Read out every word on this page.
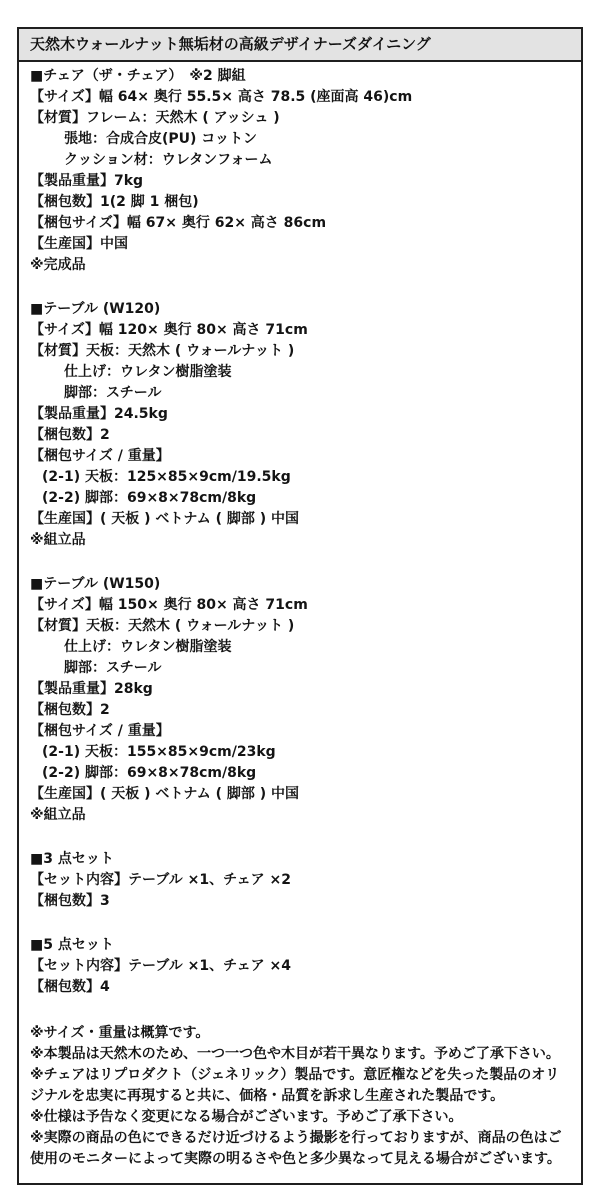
天然木ウォールナット無垢材の高級デザイナーズダイニング
■チェア（ザ・チェア）　※2 脚組
【サイズ】幅 64× 奥行 55.5× 高さ 78.5 (座面高 46)cm
【材質】フレーム：天然木 ( アッシュ )
張地：合成合皮(PU) コットン
クッション材：ウレタンフォーム
【製品重量】7kg
【梱包数】1(2 脚 1 梱包)
【梱包サイズ】幅 67× 奥行 62× 高さ 86cm
【生産国】中国
※完成品
■テーブル (W120)
【サイズ】幅 120× 奥行 80× 高さ 71cm
【材質】天板：天然木 ( ウォールナット )
仕上げ：ウレタン樹脂塗装
脚部：スチール
【製品重量】24.5kg
【梱包数】2
【梱包サイズ / 重量】
(2-1) 天板：125×85×9cm/19.5kg
(2-2) 脚部：69×8×78cm/8kg
【生産国】( 天板 ) ベトナム ( 脚部 ) 中国
※組立品
■テーブル (W150)
【サイズ】幅 150× 奥行 80× 高さ 71cm
【材質】天板：天然木 ( ウォールナット )
仕上げ：ウレタン樹脂塗装
脚部：スチール
【製品重量】28kg
【梱包数】2
【梱包サイズ / 重量】
(2-1) 天板：155×85×9cm/23kg
(2-2) 脚部：69×8×78cm/8kg
【生産国】( 天板 ) ベトナム ( 脚部 ) 中国
※組立品
■3 点セット
【セット内容】テーブル ×1、チェア ×2
【梱包数】3
■5 点セット
【セット内容】テーブル ×1、チェア ×4
【梱包数】4
※サイズ・重量は概算です。
※本製品は天然木のため、一つ一つ色や木目が若干異なります。予めご了承下さい。
※チェアはリプロダクト（ジェネリック）製品です。意匠権などを失った製品のオリジナルを忠実に再現すると共に、価格・品質を訴求し生産された製品です。
※仕様は予告なく変更になる場合がございます。予めご了承下さい。
※実際の商品の色にできるだけ近づけるよう撮影を行っておりますが、商品の色はご使用のモニターによって実際の明るさや色と多少異なって見える場合がございます。
